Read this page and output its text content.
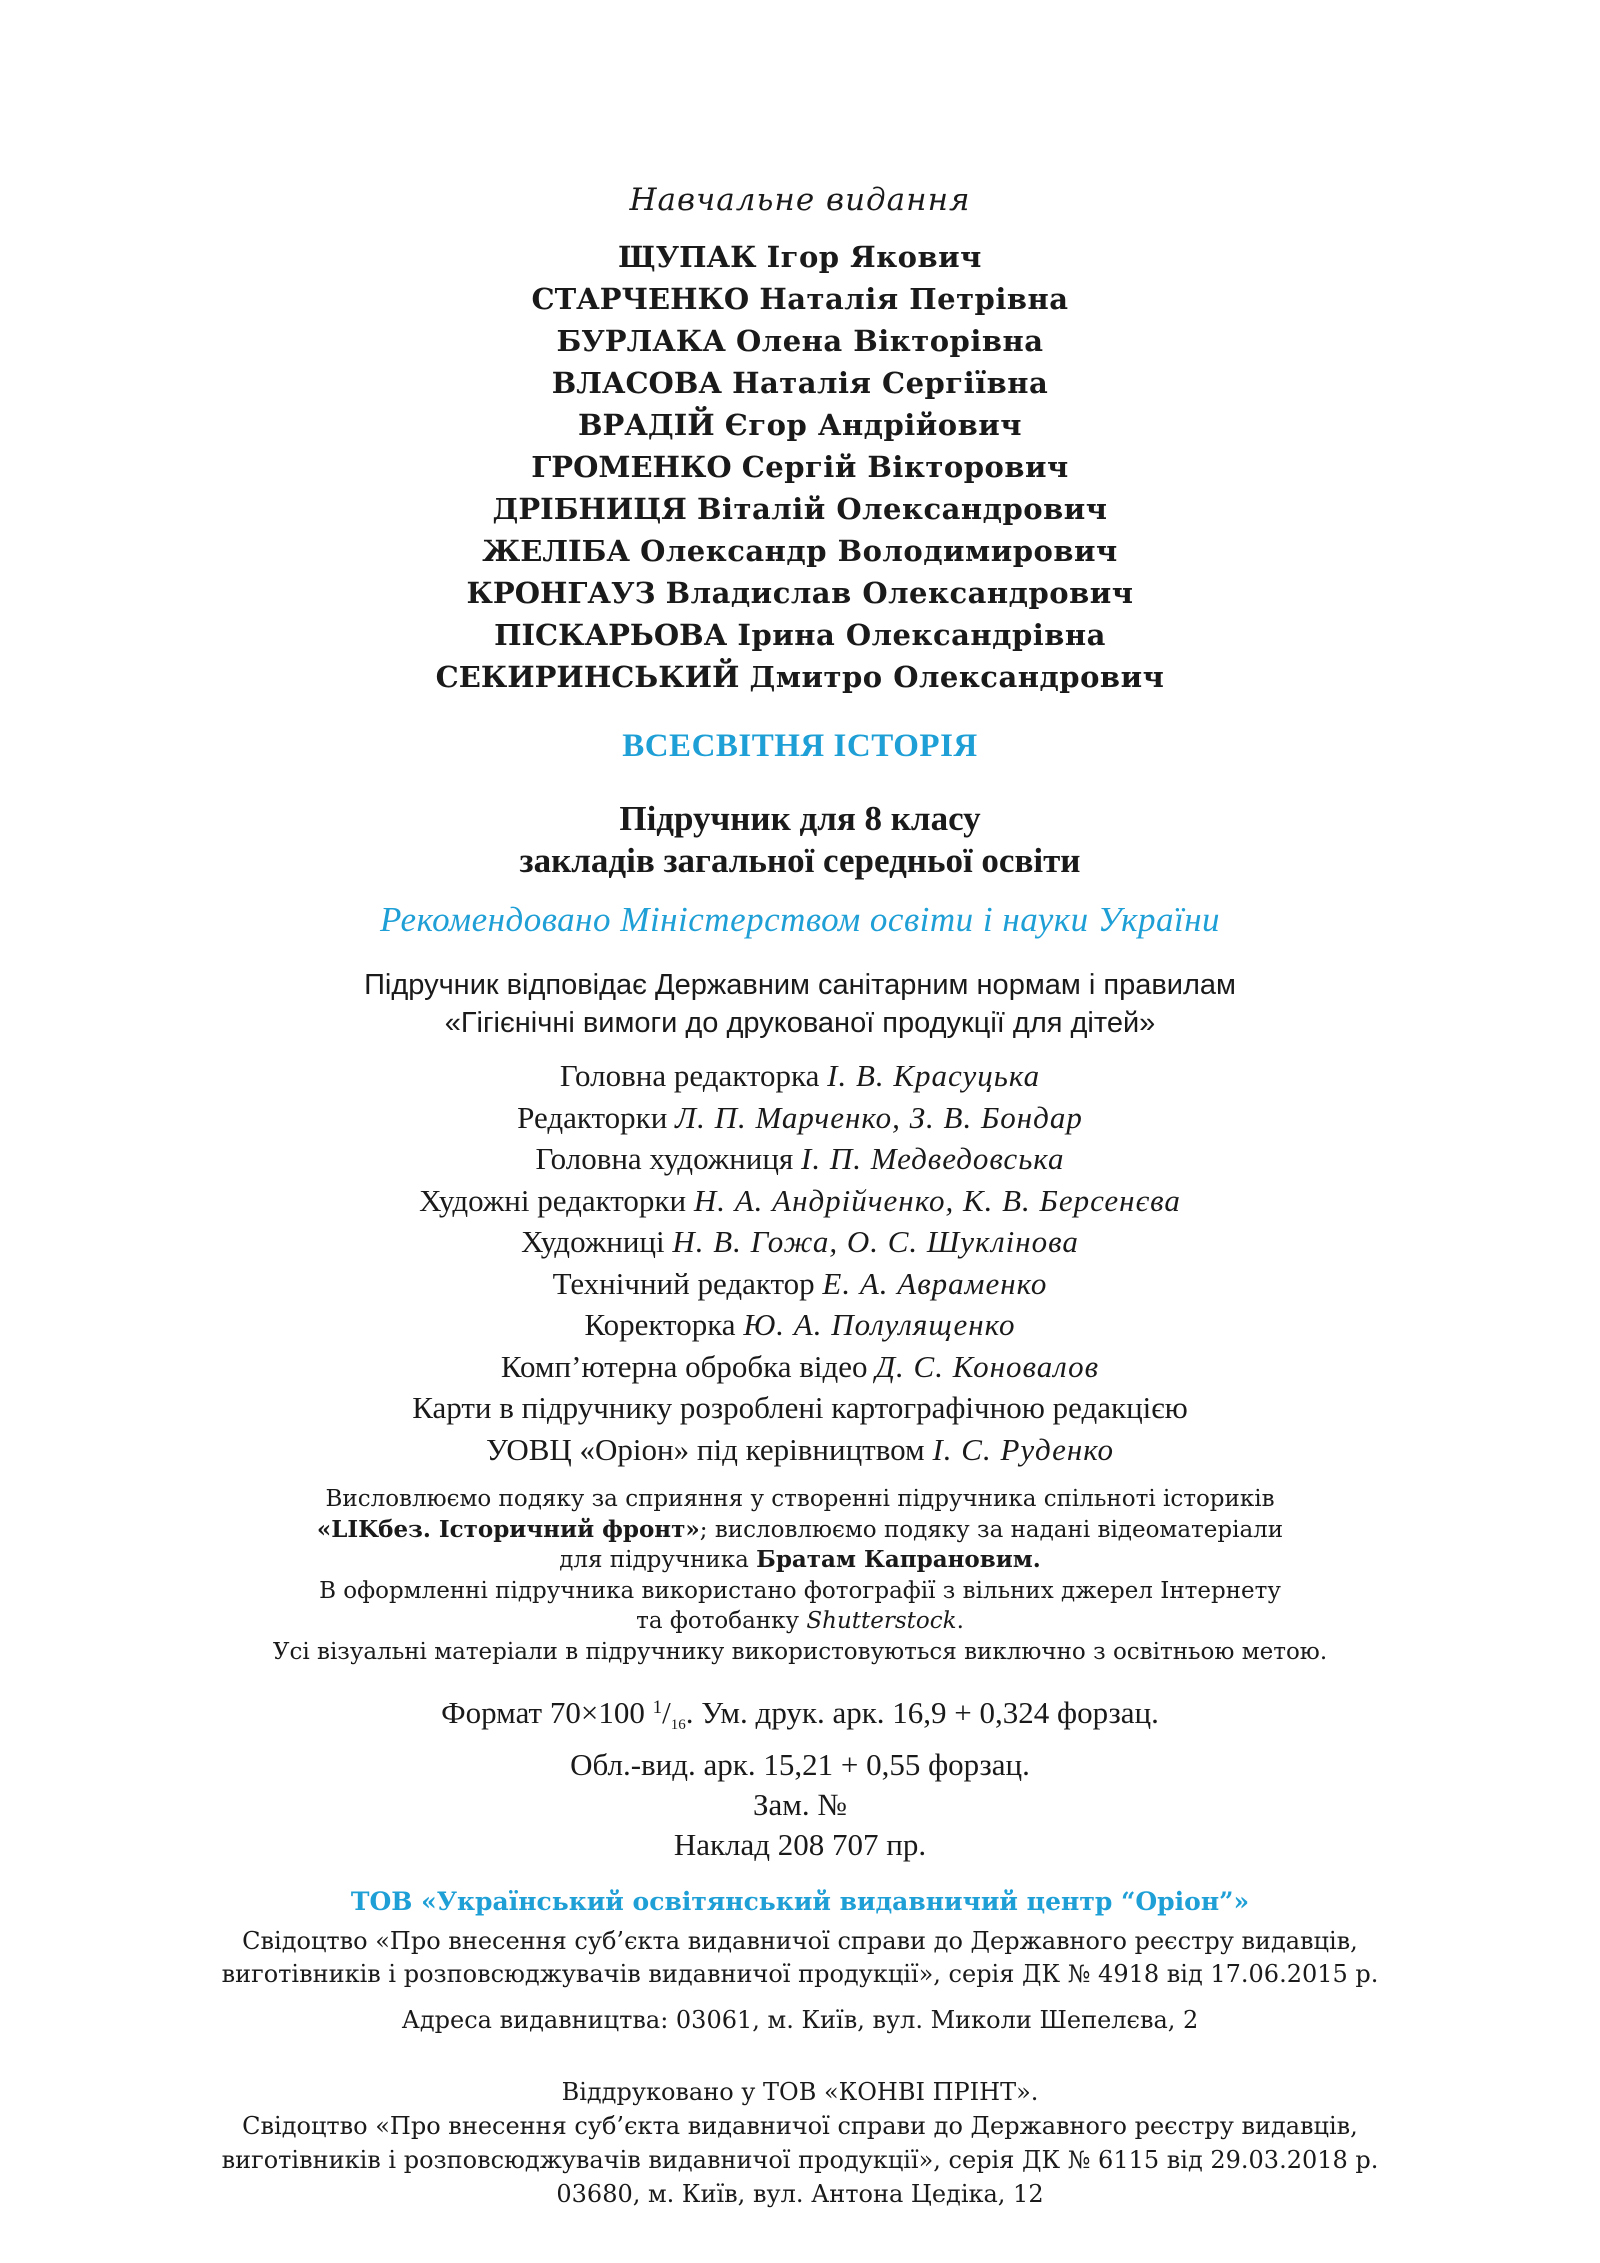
Навчальне видання
ЩУПАК Ігор Якович
СТАРЧЕНКО Наталія Петрівна
БУРЛАКА Олена Вікторівна
ВЛАСОВА Наталія Сергіївна
ВРАДІЙ Єгор Андрійович
ГРОМЕНКО Сергій Вікторович
ДРІБНИЦЯ Віталій Олександрович
ЖЕЛІБА Олександр Володимирович
КРОНГАУЗ Владислав Олександрович
ПІСКАРЬОВА Ірина Олександрівна
СЕКИРИНСЬКИЙ Дмитро Олександрович
ВСЕСВІТНЯ ІСТОРІЯ
Підручник для 8 класу
закладів загальної середньої освіти
Рекомендовано Міністерством освіти і науки України
Підручник відповідає Державним санітарним нормам і правилам
«Гігієнічні вимоги до друкованої продукції для дітей»
Головна редакторка І. В. Красуцька
Редакторки Л. П. Марченко, З. В. Бондар
Головна художниця І. П. Медведовська
Художні редакторки Н. А. Андрійченко, К. В. Берсенєва
Художниці Н. В. Гожа, О. С. Шуклінова
Технічний редактор Е. А. Авраменко
Коректорка Ю. А. Полулященко
Комп’ютерна обробка відео Д. С. Коновалов
Карти в підручнику розроблені картографічною редакцією
УОВЦ «Оріон» під керівництвом І. С. Руденко
Висловлюємо подяку за сприяння у створенні підручника спільноті істориків
«LIKбез. Історичний фронт»; висловлюємо подяку за надані відеоматеріали
для підручника Братам Капрановим.
В оформленні підручника використано фотографії з вільних джерел Інтернету
та фотобанку Shutterstock.
Усі візуальні матеріали в підручнику використовуються виключно з освітньою метою.
Формат 70×100 $^1/_{16}$. Ум. друк. арк. 16,9 + 0,324 форзац.
Обл.-вид. арк. 15,21 + 0,55 форзац.
Зам. №
Наклад 208 707 пр.
ТОВ «Український освітянський видавничий центр “Оріон”»
Свідоцтво «Про внесення суб’єкта видавничої справи до Державного реєстру видавців,
виготівників і розповсюджувачів видавничої продукції», серія ДК № 4918 від 17.06.2015 р.
Адреса видавництва: 03061, м. Київ, вул. Миколи Шепелєва, 2
Віддруковано у ТОВ «КОНВІ ПРІНТ».
Свідоцтво «Про внесення суб’єкта видавничої справи до Державного реєстру видавців,
виготівників і розповсюджувачів видавничої продукції», серія ДК № 6115 від 29.03.2018 р.
03680, м. Київ, вул. Антона Цедіка, 12
